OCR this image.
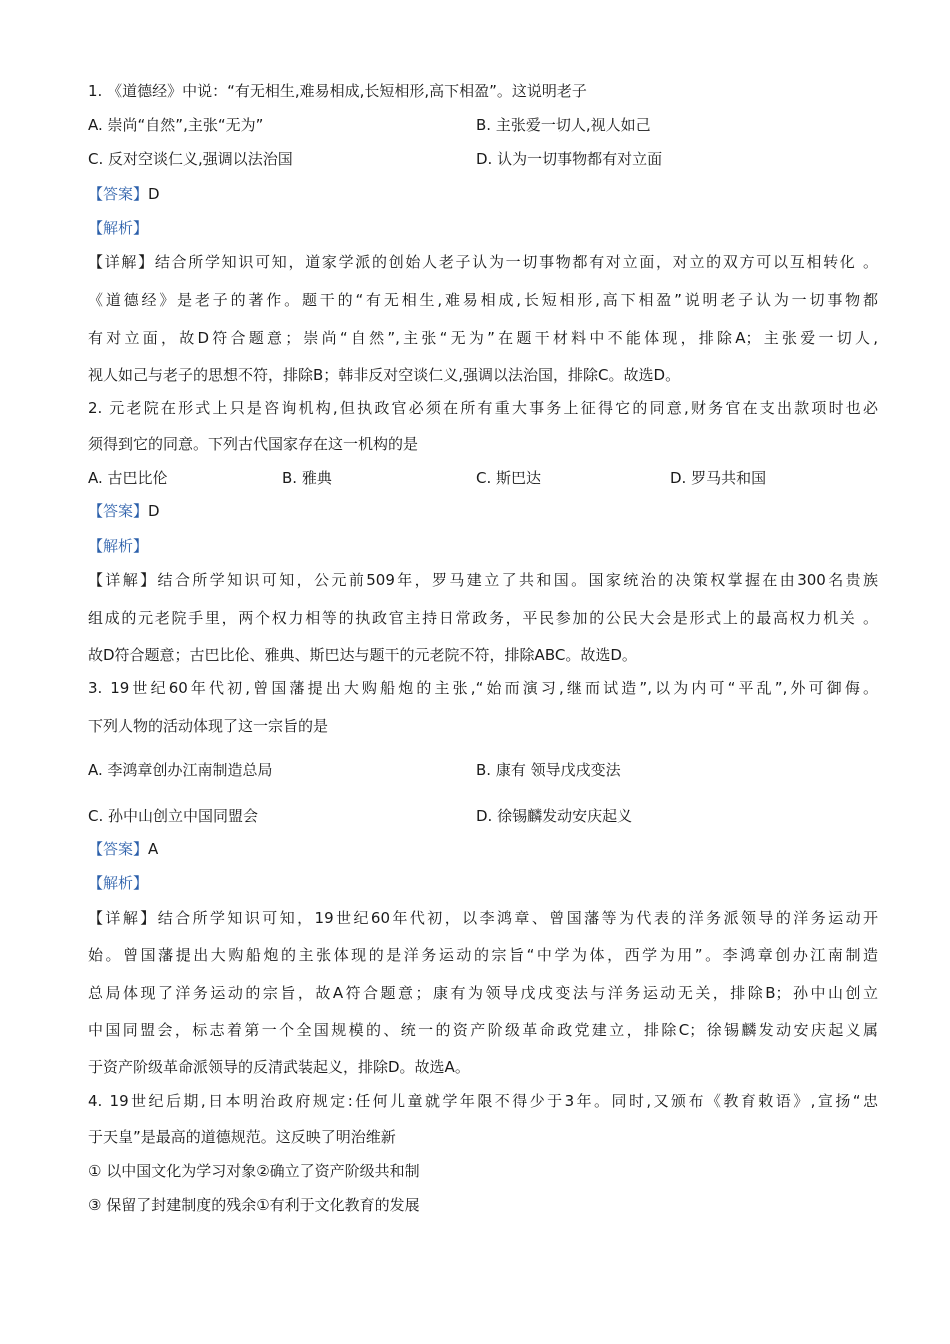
1. 《道德经》中说：“有无相生,难易相成,长短相形,高下相盈”。这说明老子
A. 崇尚“自然”,主张“无为”	B. 主张爱一切人,视人如己
C. 反对空谈仁义,强调以法治国	D. 认为一切事物都有对立面
【答案】D
【解析】
【详解】结合所学知识可知，道家学派的创始人老子认为一切事物都有对立面，对立的双方可以互相转化 。
《道德经》是老子的著作。题干的“有无相生,难易相成,长短相形,高下相盈”说明老子认为一切事物都
有对立面，故D符合题意；崇尚“自然”,主张“无为”在题干材料中不能体现，排除A；主张爱一切人,
视人如己与老子的思想不符，排除B；韩非反对空谈仁义,强调以法治国，排除C。故选D。
2. 元老院在形式上只是咨询机构,但执政官必须在所有重大事务上征得它的同意,财务官在支出款项时也必
须得到它的同意。下列古代国家存在这一机构的是
A. 古巴比伦	B. 雅典	C. 斯巴达	D. 罗马共和国
【答案】D
【解析】
【详解】结合所学知识可知，公元前509年，罗马建立了共和国。国家统治的决策权掌握在由300名贵族
组成的元老院手里，两个权力相等的执政官主持日常政务，平民参加的公民大会是形式上的最高权力机关 。
故D符合题意；古巴比伦、雅典、斯巴达与题干的元老院不符，排除ABC。故选D。
3. 19世纪60年代初,曾国藩提出大购船炮的主张,“始而演习,继而试造”,以为内可“平乱”,外可御侮。
下列人物的活动体现了这一宗旨的是
A. 李鸿章创办江南制造总局	B. 康有 领导戊戌变法
C. 孙中山创立中国同盟会	D. 徐锡麟发动安庆起义
【答案】A
【解析】
【详解】结合所学知识可知，19世纪60年代初，以李鸿章、曾国藩等为代表的洋务派领导的洋务运动开
始。曾国藩提出大购船炮的主张体现的是洋务运动的宗旨“中学为体，西学为用”。李鸿章创办江南制造
总局体现了洋务运动的宗旨，故A符合题意；康有为领导戊戌变法与洋务运动无关，排除B；孙中山创立
中国同盟会，标志着第一个全国规模的、统一的资产阶级革命政党建立，排除C；徐锡麟发动安庆起义属
于资产阶级革命派领导的反清武装起义，排除D。故选A。
4. 19世纪后期,日本明治政府规定:任何儿童就学年限不得少于3年。同时,又颁布《教育敕语》,宣扬“忠
于天皇”是最高的道德规范。这反映了明治维新
① 以中国文化为学习对象②确立了资产阶级共和制
③ 保留了封建制度的残余①有利于文化教育的发展
